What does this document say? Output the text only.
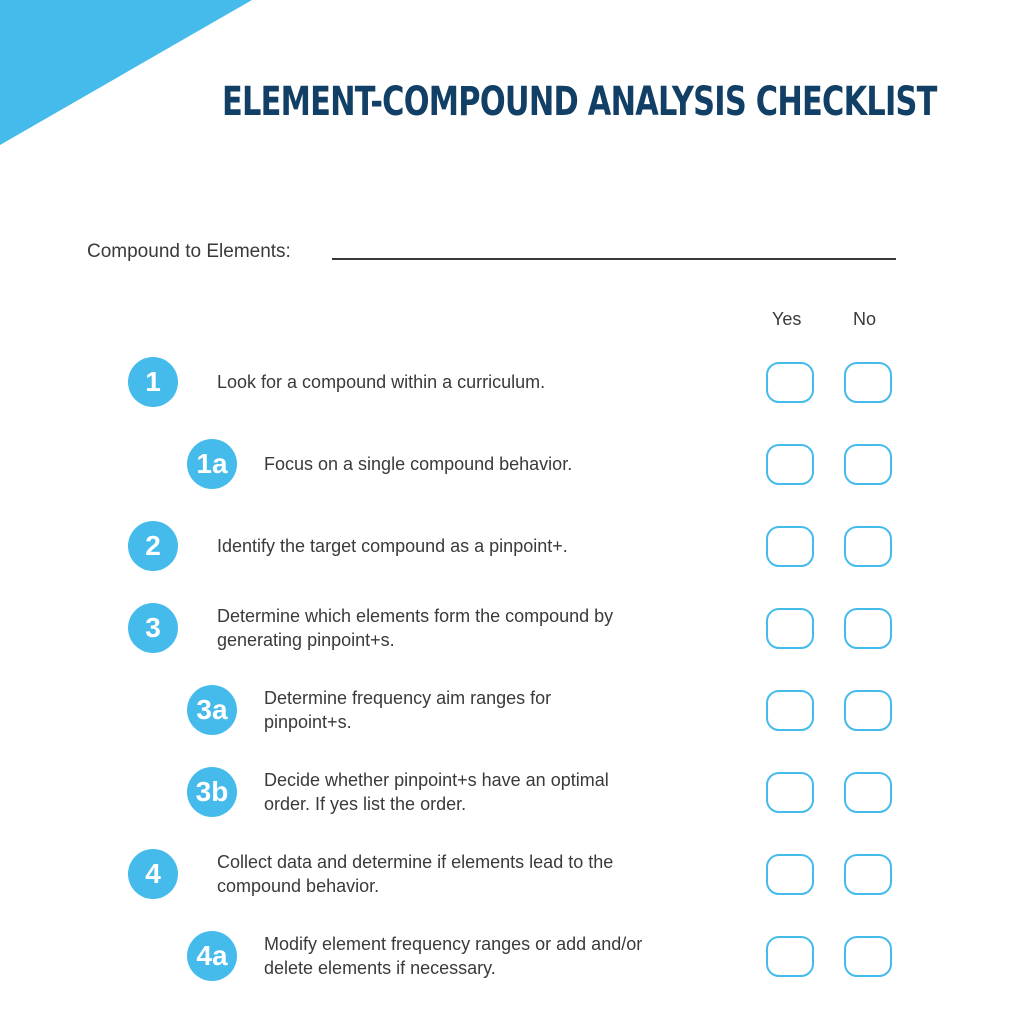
ELEMENT-COMPOUND ANALYSIS CHECKLIST
Compound to Elements:
Yes	No
1	Look for a compound within a curriculum.
1a	Focus on a single compound behavior.
2	Identify the target compound as a pinpoint+.
3	Determine which elements form the compound by generating pinpoint+s.
3a	Determine frequency aim ranges for pinpoint+s.
3b	Decide whether pinpoint+s have an optimal order. If yes list the order.
4	Collect data and determine if elements lead to the compound behavior.
4a	Modify element frequency ranges or add and/or delete elements if necessary.
